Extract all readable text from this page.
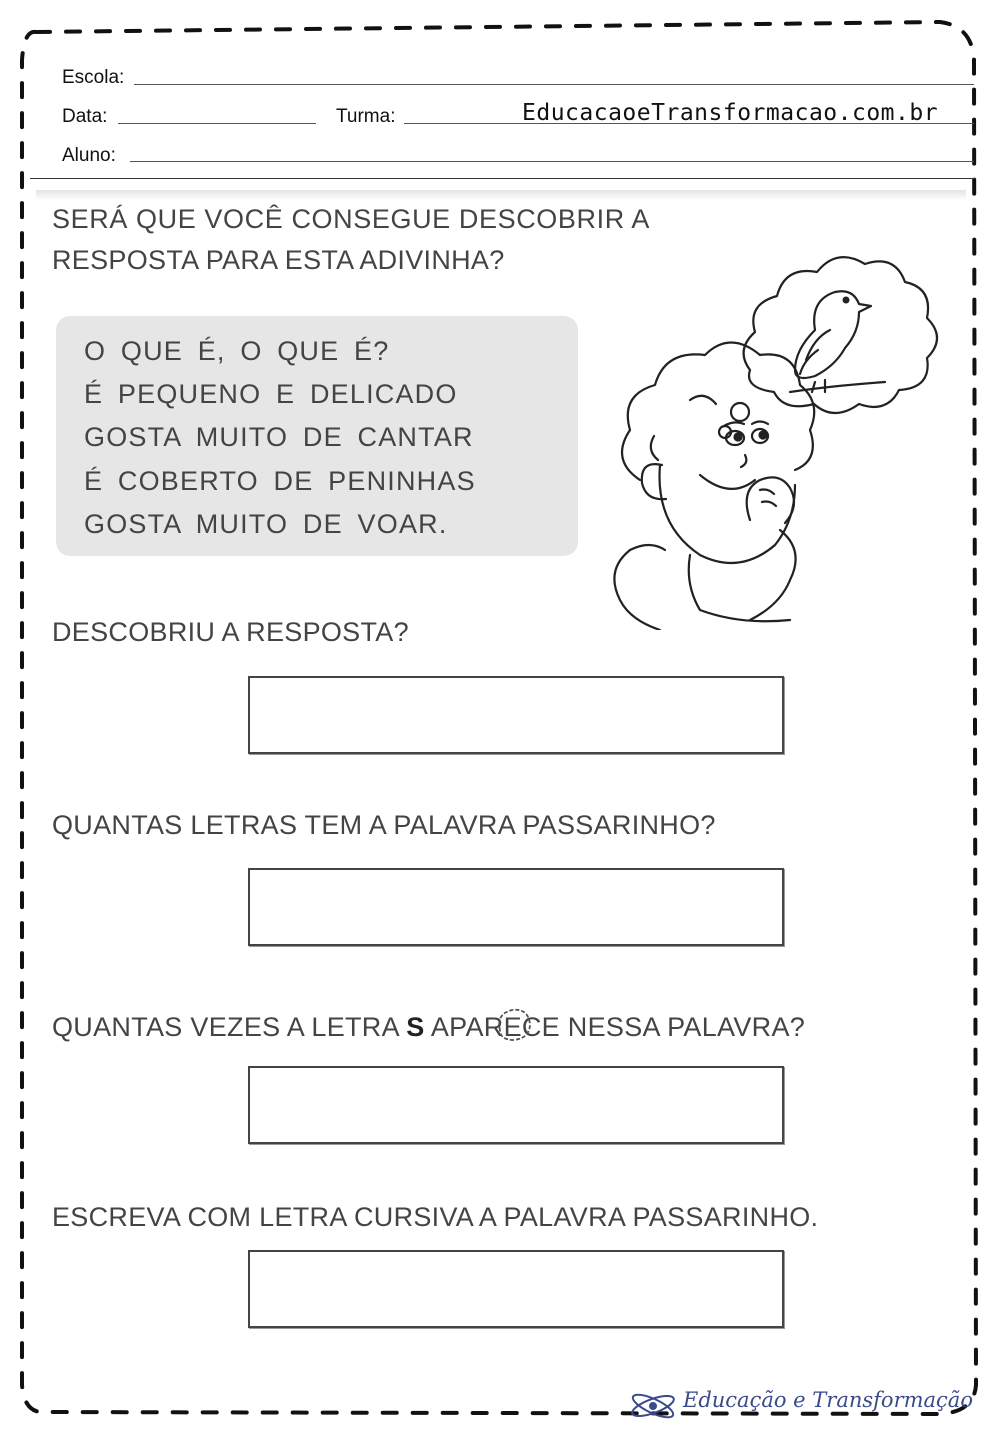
Escola:
Data:	Turma:	EducacaoeTransformacao.com.br
Aluno:
SERÁ QUE VOCÊ CONSEGUE DESCOBRIR A
RESPOSTA PARA ESTA ADIVINHA?
O QUE É, O QUE É?
É PEQUENO E DELICADO
GOSTA MUITO DE CANTAR
É COBERTO DE PENINHAS
GOSTA MUITO DE VOAR.
DESCOBRIU A RESPOSTA?
QUANTAS LETRAS TEM A PALAVRA PASSARINHO?
QUANTAS VEZES A LETRA S APARECE NESSA PALAVRA?
ESCREVA COM LETRA CURSIVA A PALAVRA PASSARINHO.
Educação e Transformação
